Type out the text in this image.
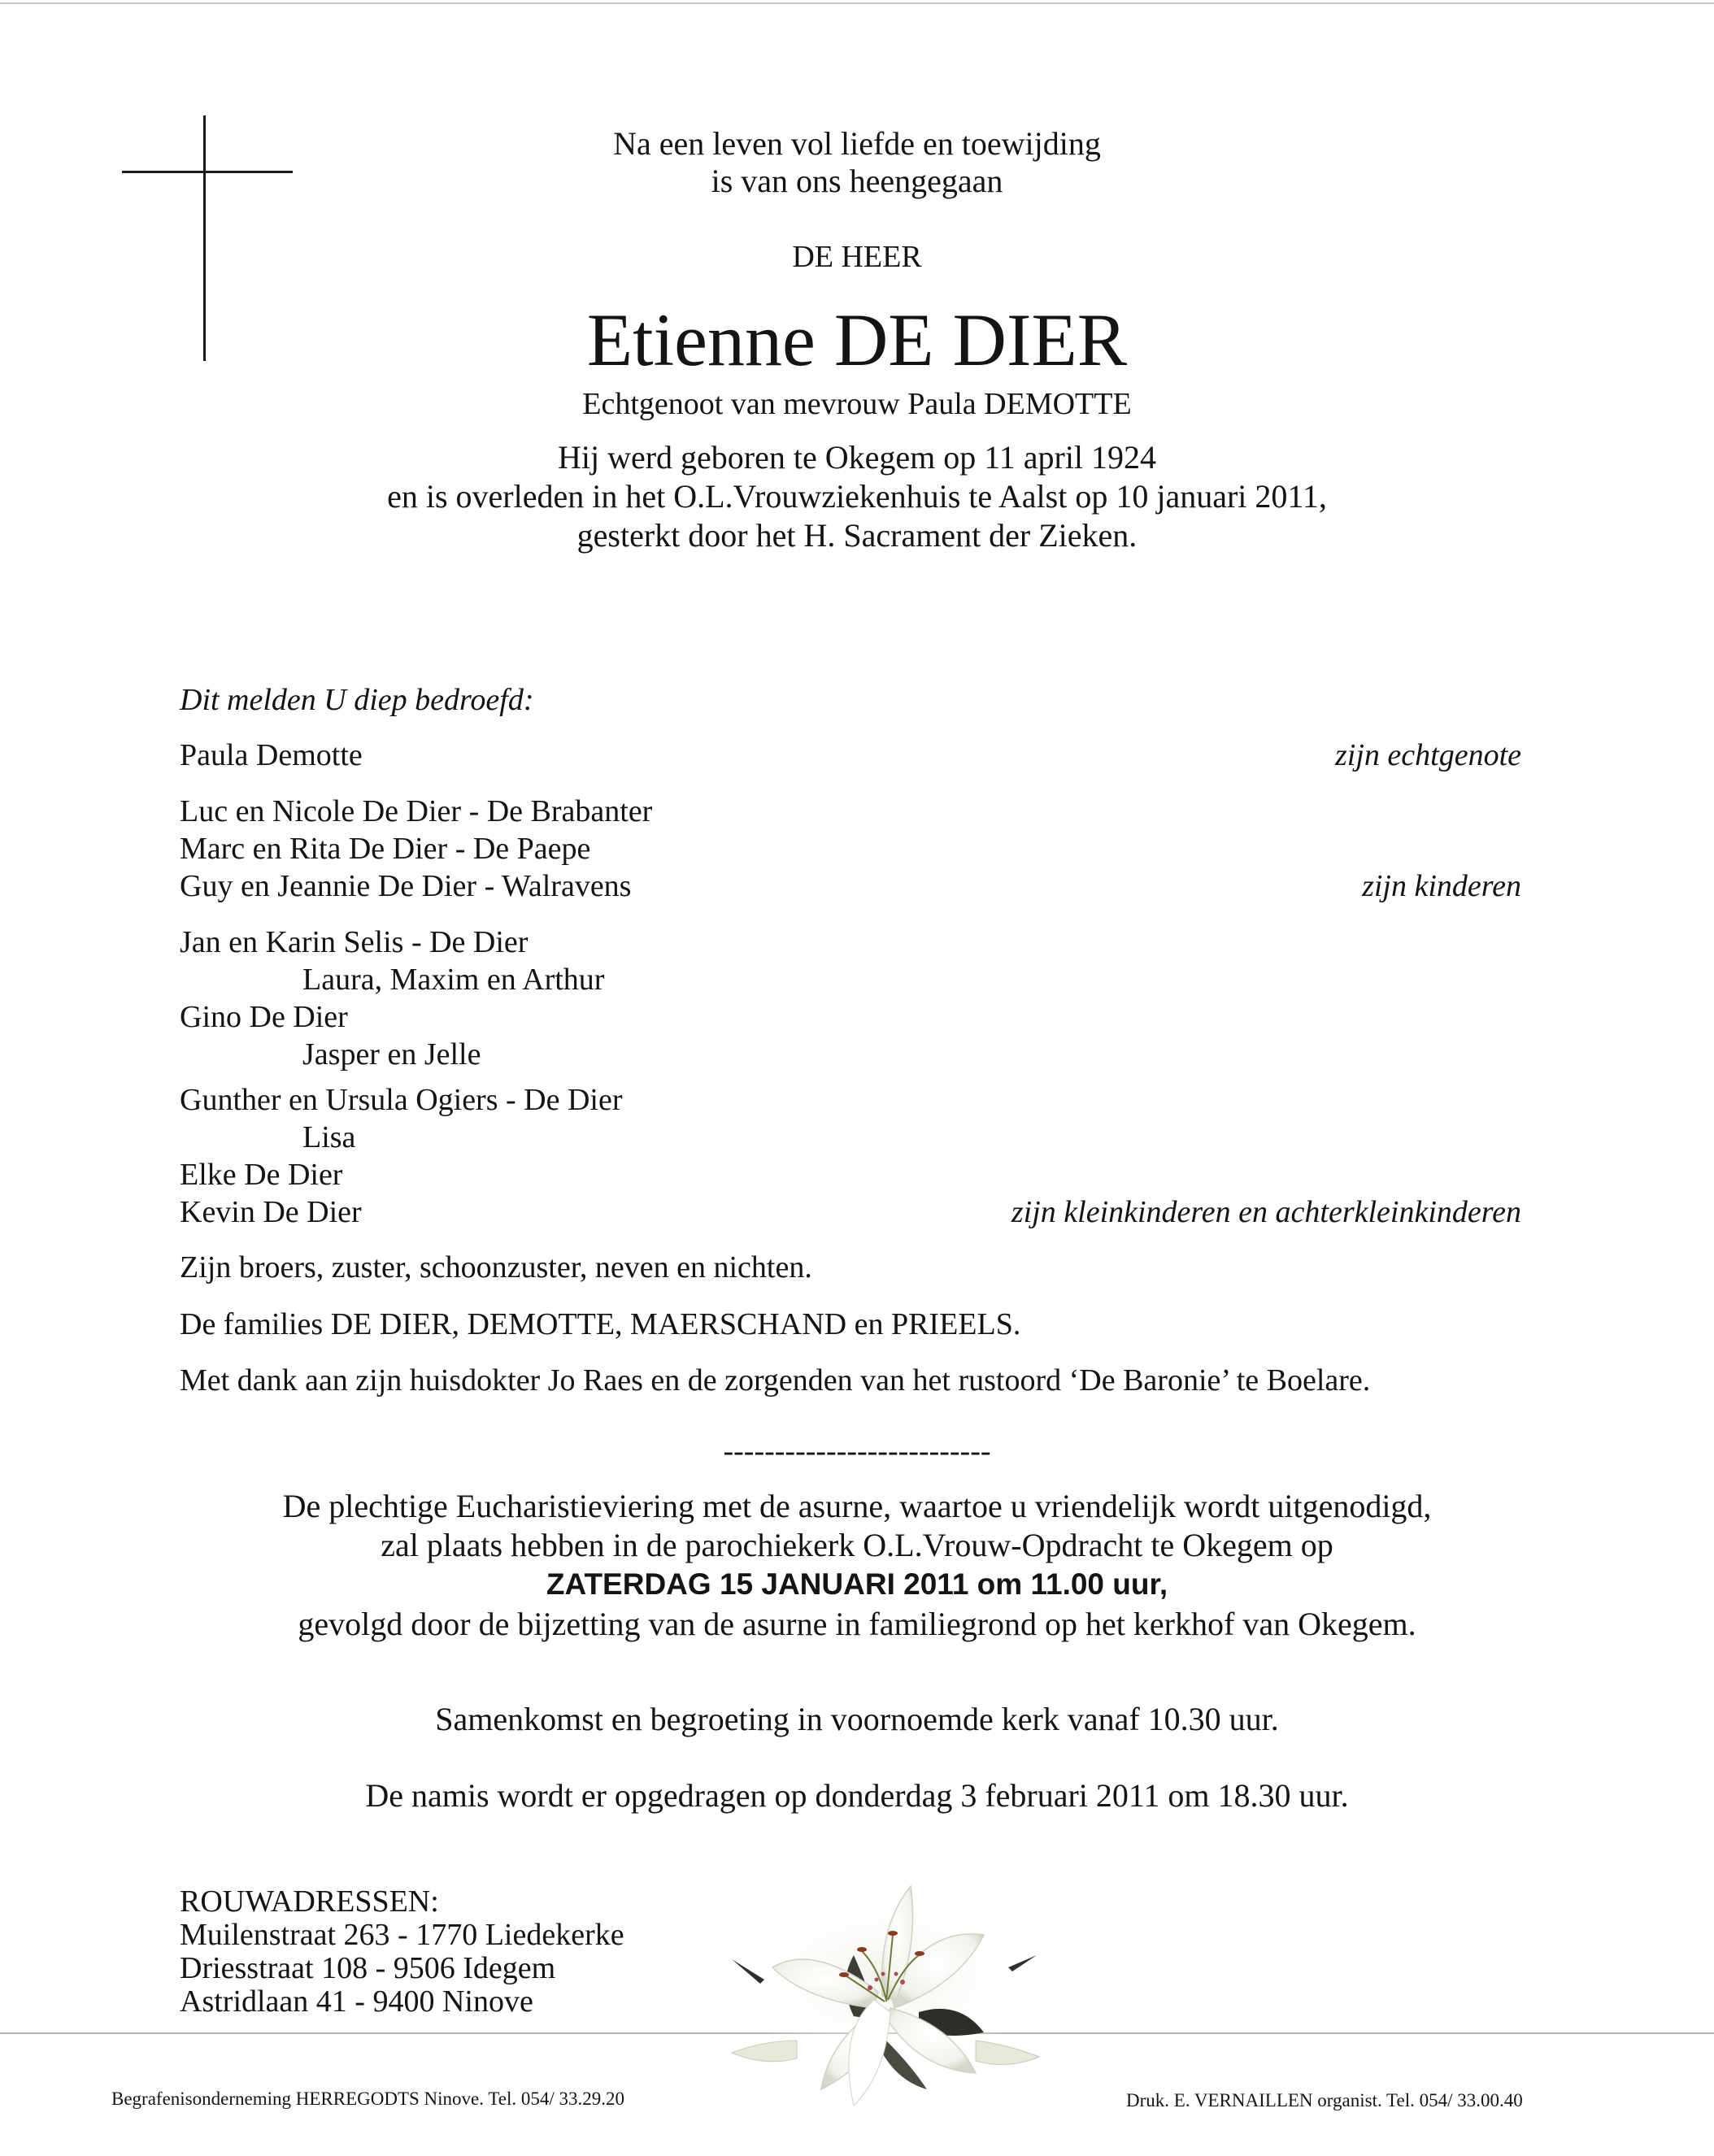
Na een leven vol liefde en toewijding
is van ons heengegaan
DE HEER
Etienne DE DIER
Echtgenoot van mevrouw Paula DEMOTTE
Hij werd geboren te Okegem op 11 april 1924
en is overleden in het O.L.Vrouwziekenhuis te Aalst op 10 januari 2011,
gesterkt door het H. Sacrament der Zieken.
Dit melden U diep bedroefd:
Paula Demotte	zijn echtgenote
Luc en Nicole De Dier - De Brabanter
Marc en Rita De Dier - De Paepe
Guy en Jeannie De Dier - Walravens	zijn kinderen
Jan en Karin Selis - De Dier
Laura, Maxim en Arthur
Gino De Dier
Jasper en Jelle
Gunther en Ursula Ogiers - De Dier
Lisa
Elke De Dier
Kevin De Dier	zijn kleinkinderen en achterkleinkinderen
Zijn broers, zuster, schoonzuster, neven en nichten.
De families DE DIER, DEMOTTE, MAERSCHAND en PRIEELS.
Met dank aan zijn huisdokter Jo Raes en de zorgenden van het rustoord ‘De Baronie’ te Boelare.
--------------------------
De plechtige Eucharistieviering met de asurne, waartoe u vriendelijk wordt uitgenodigd,
zal plaats hebben in de parochiekerk O.L.Vrouw-Opdracht te Okegem op
ZATERDAG 15 JANUARI 2011 om 11.00 uur,
gevolgd door de bijzetting van de asurne in familiegrond op het kerkhof van Okegem.
Samenkomst en begroeting in voornoemde kerk vanaf 10.30 uur.
De namis wordt er opgedragen op donderdag 3 februari 2011 om 18.30 uur.
ROUWADRESSEN:
Muilenstraat 263 - 1770 Liedekerke
Driesstraat 108 - 9506 Idegem
Astridlaan 41 - 9400 Ninove
Begrafenisonderneming HERREGODTS Ninove. Tel. 054/ 33.29.20	Druk. E. VERNAILLEN organist. Tel. 054/ 33.00.40
